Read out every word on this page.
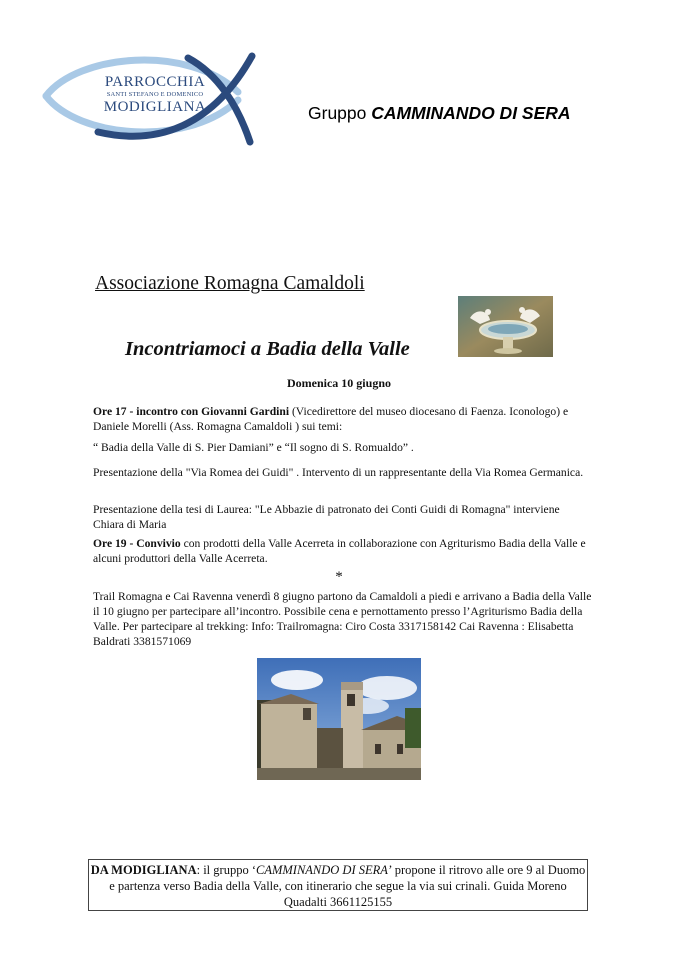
PARROCCHIA
SANTI STEFANO E DOMENICO
MODIGLIANA	Gruppo CAMMINANDO DI SERA
Associazione Romagna Camaldoli
Incontriamoci a Badia della Valle
Domenica 10 giugno
Ore 17 - incontro con Giovanni Gardini (Vicedirettore del museo diocesano di Faenza. Iconologo) e Daniele Morelli (Ass. Romagna Camaldoli ) sui temi:
“ Badia della Valle di S. Pier Damiani” e “Il sogno di S. Romualdo” .
Presentazione della "Via Romea dei Guidi" . Intervento di un rappresentante della Via Romea Germanica.
Presentazione della tesi di Laurea: "Le Abbazie di patronato dei Conti Guidi di Romagna" interviene Chiara di Maria
Ore 19 - Convivio con prodotti della Valle Acerreta in collaborazione con Agriturismo Badia della Valle e alcuni produttori della Valle Acerreta.
*
Trail Romagna e Cai Ravenna venerdì 8 giugno partono da Camaldoli a piedi e arrivano a Badia della Valle il 10 giugno per partecipare all’incontro. Possibile cena e pernottamento presso l’Agriturismo Badia della Valle. Per partecipare al trekking: Info: Trailromagna: Ciro Costa 3317158142 Cai Ravenna : Elisabetta Baldrati 3381571069
DA MODIGLIANA: il gruppo ‘CAMMINANDO DI SERA’ propone il ritrovo alle ore 9 al Duomo e partenza verso Badia della Valle, con itinerario che segue la via sui crinali. Guida Moreno Quadalti 3661125155
